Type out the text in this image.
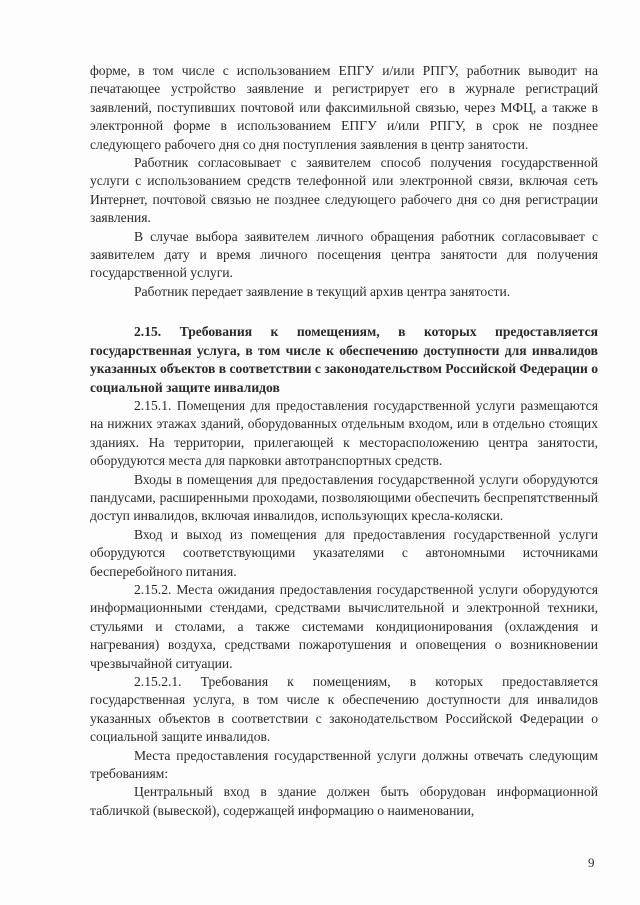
форме, в том числе с использованием ЕПГУ и/или РПГУ, работник выводит на печатающее устройство заявление и регистрирует его в журнале регистраций заявлений, поступивших почтовой или факсимильной связью, через МФЦ, а также в электронной форме в использованием ЕПГУ и/или РПГУ, в срок не позднее следующего рабочего дня со дня поступления заявления в центр занятости.

Работник согласовывает с заявителем способ получения государственной услуги с использованием средств телефонной или электронной связи, включая сеть Интернет, почтовой связью не позднее следующего рабочего дня со дня регистрации заявления.

В случае выбора заявителем личного обращения работник согласовывает с заявителем дату и время личного посещения центра занятости для получения государственной услуги.

Работник передает заявление в текущий архив центра занятости.

2.15. Требования к помещениям, в которых предоставляется государственная услуга, в том числе к обеспечению доступности для инвалидов указанных объектов в соответствии с законодательством Российской Федерации о социальной защите инвалидов

2.15.1. Помещения для предоставления государственной услуги размещаются на нижних этажах зданий, оборудованных отдельным входом, или в отдельно стоящих зданиях. На территории, прилегающей к месторасположению центра занятости, оборудуются места для парковки автотранспортных средств.

Входы в помещения для предоставления государственной услуги оборудуются пандусами, расширенными проходами, позволяющими обеспечить беспрепятственный доступ инвалидов, включая инвалидов, использующих кресла-коляски.

Вход и выход из помещения для предоставления государственной услуги оборудуются соответствующими указателями с автономными источниками бесперебойного питания.

2.15.2. Места ожидания предоставления государственной услуги оборудуются информационными стендами, средствами вычислительной и электронной техники, стульями и столами, а также системами кондиционирования (охлаждения и нагревания) воздуха, средствами пожаротушения и оповещения о возникновении чрезвычайной ситуации.

2.15.2.1. Требования к помещениям, в которых предоставляется государственная услуга, в том числе к обеспечению доступности для инвалидов указанных объектов в соответствии с законодательством Российской Федерации о социальной защите инвалидов.

Места предоставления государственной услуги должны отвечать следующим требованиям:

Центральный вход в здание должен быть оборудован информационной табличкой (вывеской), содержащей информацию о наименовании,

9
